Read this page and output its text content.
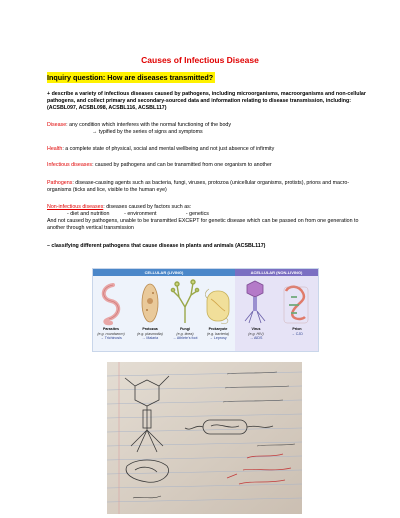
Causes of Infectious Disease
Inquiry question: How are diseases transmitted?
+ describe a variety of infectious diseases caused by pathogens, including microorganisms, macroorganisms and non-cellular pathogens, and collect primary and secondary-sourced data and information relating to disease transmission, including: (ACSBL097, ACSBL098, ACSBL116, ACSBL117)
Disease: any condition which interferes with the normal functioning of the body
→ typified by the series of signs and symptoms
Health: a complete state of physical, social and mental wellbeing and not just absence of infirmity
Infectious diseases: caused by pathogens and can be transmitted from one organism to another
Pathogens: disease-causing agents such as bacteria, fungi, viruses, protozoa (unicellular organisms, protists), prions and macro-organisms (ticks and lice, visible to the human eye)
Non-infectious diseases: diseases caused by factors such as:
- diet and nutrition          - environment                    - genetics
And not caused by pathogens, unable to be transmitted EXCEPT for genetic disease which can be passed on from one generation to another through vertical transmission
– classifying different pathogens that cause disease in plants and animals (ACSBL117)
CELLULAR (LIVING)	ACELLULAR (NON-LIVING)
Parasites
(e.g. roundworm)
→ Trichinosis
Protozoa
(e.g. plasmodia)
→ Malaria
Fungi
(e.g. tinea)
→ Athlete's foot
Prokaryote
(e.g. bacteria)
→ Leprosy
Virus
(e.g. HIV)
→ AIDS
Prion
→ CJD
